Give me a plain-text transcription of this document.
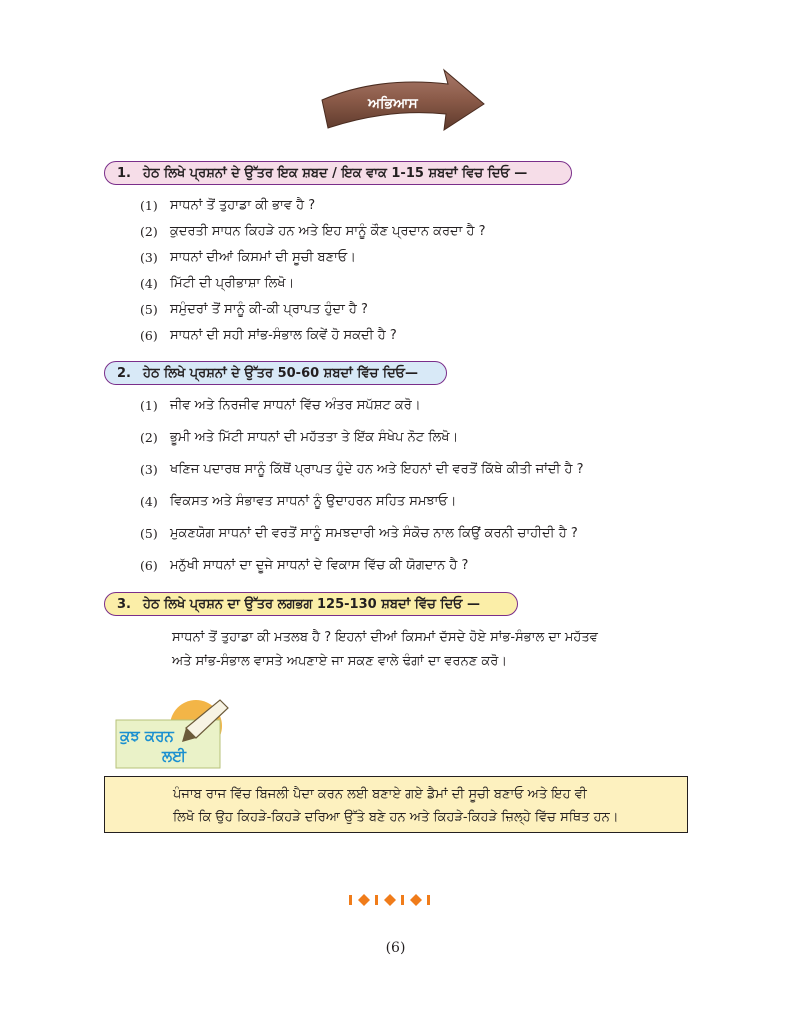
ਅਭਿਆਸ
1. ਹੇਠ ਲਿਖੇ ਪ੍ਰਸ਼ਨਾਂ ਦੇ ਉੱਤਰ ਇਕ ਸ਼ਬਦ / ਇਕ ਵਾਕ 1-15 ਸ਼ਬਦਾਂ ਵਿਚ ਦਿਓ —
(1) ਸਾਧਨਾਂ ਤੋਂ ਤੁਹਾਡਾ ਕੀ ਭਾਵ ਹੈ ?
(2) ਕੁਦਰਤੀ ਸਾਧਨ ਕਿਹੜੇ ਹਨ ਅਤੇ ਇਹ ਸਾਨੂੰ ਕੌਣ ਪ੍ਰਦਾਨ ਕਰਦਾ ਹੈ ?
(3) ਸਾਧਨਾਂ ਦੀਆਂ ਕਿਸਮਾਂ ਦੀ ਸੂਚੀ ਬਣਾਓ।
(4) ਮਿੱਟੀ ਦੀ ਪ੍ਰੀਭਾਸ਼ਾ ਲਿਖੋ।
(5) ਸਮੁੰਦਰਾਂ ਤੋਂ ਸਾਨੂੰ ਕੀ-ਕੀ ਪ੍ਰਾਪਤ ਹੁੰਦਾ ਹੈ ?
(6) ਸਾਧਨਾਂ ਦੀ ਸਹੀ ਸਾਂਭ-ਸੰਭਾਲ ਕਿਵੇਂ ਹੋ ਸਕਦੀ ਹੈ ?
2. ਹੇਠ ਲਿਖੇ ਪ੍ਰਸ਼ਨਾਂ ਦੇ ਉੱਤਰ 50-60 ਸ਼ਬਦਾਂ ਵਿੱਚ ਦਿਓ—
(1) ਜੀਵ ਅਤੇ ਨਿਰਜੀਵ ਸਾਧਨਾਂ ਵਿੱਚ ਅੰਤਰ ਸਪੱਸ਼ਟ ਕਰੋ।
(2) ਭੂਮੀ ਅਤੇ ਮਿੱਟੀ ਸਾਧਨਾਂ ਦੀ ਮਹੱਤਤਾ ਤੇ ਇੱਕ ਸੰਖੇਪ ਨੋਟ ਲਿਖੋ।
(3) ਖਣਿਜ ਪਦਾਰਥ ਸਾਨੂੰ ਕਿੱਥੋਂ ਪ੍ਰਾਪਤ ਹੁੰਦੇ ਹਨ ਅਤੇ ਇਹਨਾਂ ਦੀ ਵਰਤੋਂ ਕਿੱਥੇ ਕੀਤੀ ਜਾਂਦੀ ਹੈ ?
(4) ਵਿਕਸਤ ਅਤੇ ਸੰਭਾਵਤ ਸਾਧਨਾਂ ਨੂੰ ਉਦਾਹਰਨ ਸਹਿਤ ਸਮਝਾਓ।
(5) ਮੁਕਣਯੋਗ ਸਾਧਨਾਂ ਦੀ ਵਰਤੋਂ ਸਾਨੂੰ ਸਮਝਦਾਰੀ ਅਤੇ ਸੰਕੋਚ ਨਾਲ ਕਿਉਂ ਕਰਨੀ ਚਾਹੀਦੀ ਹੈ ?
(6) ਮਨੁੱਖੀ ਸਾਧਨਾਂ ਦਾ ਦੂਜੇ ਸਾਧਨਾਂ ਦੇ ਵਿਕਾਸ ਵਿੱਚ ਕੀ ਯੋਗਦਾਨ ਹੈ ?
3. ਹੇਠ ਲਿਖੇ ਪ੍ਰਸ਼ਨ ਦਾ ਉੱਤਰ ਲਗਭਗ 125-130 ਸ਼ਬਦਾਂ ਵਿੱਚ ਦਿਓ —

ਸਾਧਨਾਂ ਤੋਂ ਤੁਹਾਡਾ ਕੀ ਮਤਲਬ ਹੈ ? ਇਹਨਾਂ ਦੀਆਂ ਕਿਸਮਾਂ ਦੱਸਦੇ ਹੋਏ ਸਾਂਭ-ਸੰਭਾਲ ਦਾ ਮਹੱਤਵ
ਅਤੇ ਸਾਂਭ-ਸੰਭਾਲ ਵਾਸਤੇ ਅਪਣਾਏ ਜਾ ਸਕਣ ਵਾਲੇ ਢੰਗਾਂ ਦਾ ਵਰਨਣ ਕਰੋ।

ਕੁਝ ਕਰਨ
ਲਈ

ਪੰਜਾਬ ਰਾਜ ਵਿੱਚ ਬਿਜਲੀ ਪੈਦਾ ਕਰਨ ਲਈ ਬਣਾਏ ਗਏ ਡੈਮਾਂ ਦੀ ਸੂਚੀ ਬਣਾਓ ਅਤੇ ਇਹ ਵੀ
ਲਿਖੋ ਕਿ ਉਹ ਕਿਹੜੇ-ਕਿਹੜੇ ਦਰਿਆ ਉੱਤੇ ਬਣੇ ਹਨ ਅਤੇ ਕਿਹੜੇ-ਕਿਹੜੇ ਜ਼ਿਲ੍ਹੇ ਵਿੱਚ ਸਥਿਤ ਹਨ।

(6)
